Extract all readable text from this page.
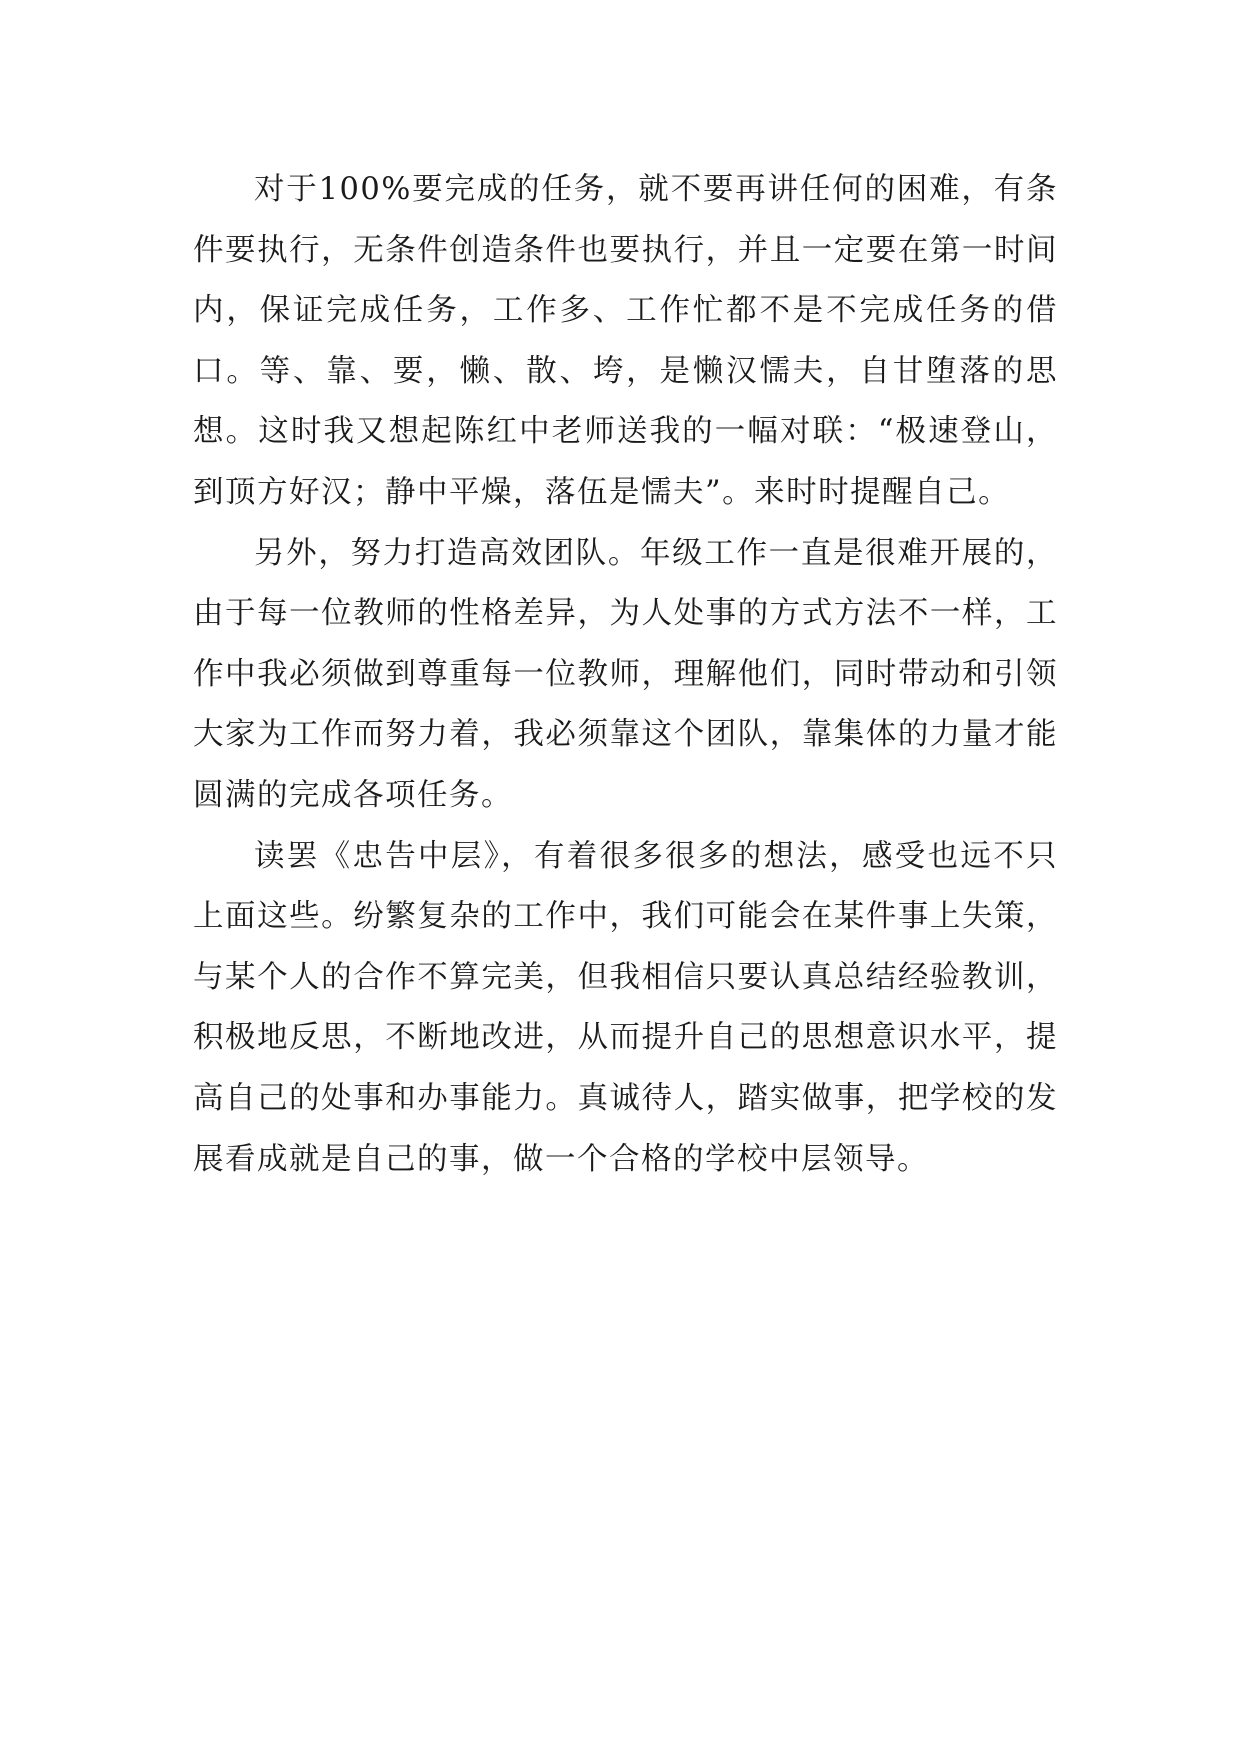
对于100%要完成的任务，就不要再讲任何的困难，有条件要执行，无条件创造条件也要执行，并且一定要在第一时间内，保证完成任务，工作多、工作忙都不是不完成任务的借口。等、靠、要，懒、散、垮，是懒汉懦夫，自甘堕落的思想。这时我又想起陈红中老师送我的一幅对联：“极速登山，到顶方好汉；静中平燥，落伍是懦夫”。来时时提醒自己。

另外，努力打造高效团队。年级工作一直是很难开展的，由于每一位教师的性格差异，为人处事的方式方法不一样，工作中我必须做到尊重每一位教师，理解他们，同时带动和引领大家为工作而努力着，我必须靠这个团队，靠集体的力量才能圆满的完成各项任务。

读罢《忠告中层》，有着很多很多的想法，感受也远不只上面这些。纷繁复杂的工作中，我们可能会在某件事上失策，与某个人的合作不算完美，但我相信只要认真总结经验教训，积极地反思，不断地改进，从而提升自己的思想意识水平，提高自己的处事和办事能力。真诚待人，踏实做事，把学校的发展看成就是自己的事，做一个合格的学校中层领导。
